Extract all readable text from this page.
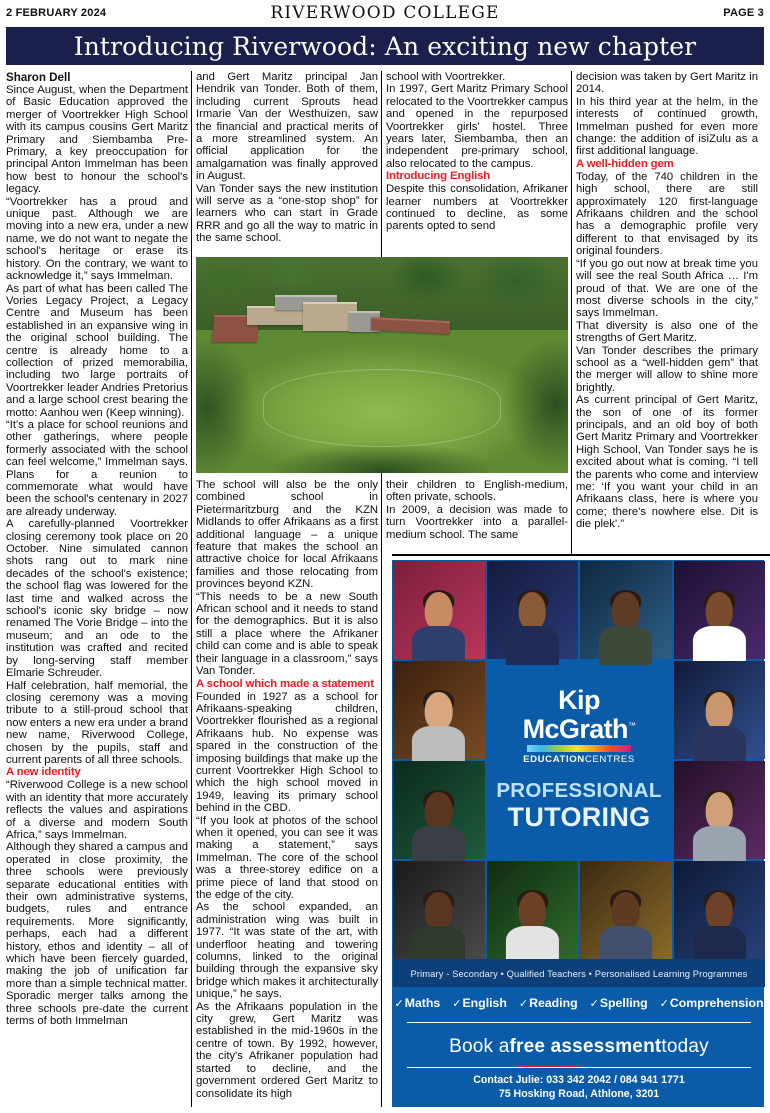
2 FEBRUARY 2024	RIVERWOOD COLLEGE	PAGE 3
Introducing Riverwood: An exciting new chapter

Sharon Dell

Since August, when the Department of Basic Education approved the merger of Voortrekker High School with its campus cousins Gert Maritz Primary and Siembamba Pre-Primary, a key preoccupation for principal Anton Immelman has been how best to honour the school's legacy.

“Voortrekker has a proud and unique past. Although we are moving into a new era, under a new name, we do not want to negate the school's heritage or erase its history. On the contrary, we want to acknowledge it,” says Immelman.

As part of what has been called The Vories Legacy Project, a Legacy Centre and Museum has been established in an expansive wing in the original school building. The centre is already home to a collection of prized memorabilia, including two large portraits of Voortrekker leader Andries Pretorius and a large school crest bearing the motto: Aanhou wen (Keep winning).

“It's a place for school reunions and other gatherings, where people formerly associated with the school can feel welcome,” Immelman says. Plans for a reunion to commemorate what would have been the school's centenary in 2027 are already underway.

A carefully-planned Voortrekker closing ceremony took place on 20 October. Nine simulated cannon shots rang out to mark nine decades of the school's existence; the school flag was lowered for the last time and walked across the school's iconic sky bridge – now renamed The Vorie Bridge – into the museum; and an ode to the institution was crafted and recited by long-serving staff member Elmarie Schreuder.

Half celebration, half memorial, the closing ceremony was a moving tribute to a still-proud school that now enters a new era under a brand new name, Riverwood College, chosen by the pupils, staff and current parents of all three schools.

A new identity

“Riverwood College is a new school with an identity that more accurately reflects the values and aspirations of a diverse and modern South Africa,” says Immelman.

Although they shared a campus and operated in close proximity, the three schools were previously separate educational entities with their own administrative systems, budgets, rules and entrance requirements. More significantly, perhaps, each had a different history, ethos and identity – all of which have been fiercely guarded, making the job of unification far more than a simple technical matter.

Sporadic merger talks among the three schools pre-date the current terms of both Immelman

and Gert Maritz principal Jan Hendrik van Tonder. Both of them, including current Sprouts head Irmarie Van der Westhuizen, saw the financial and practical merits of a more streamlined system. An official application for the amalgamation was finally approved in August.

Van Tonder says the new institution will serve as a “one-stop shop” for learners who can start in Grade RRR and go all the way to matric in the same school.

school with Voortrekker.

In 1997, Gert Maritz Primary School relocated to the Voortrekker campus and opened in the repurposed Voortrekker girls' hostel. Three years later, Siembamba, then an independent pre-primary school, also relocated to the campus.

Introducing English

Despite this consolidation, Afrikaner learner numbers at Voortrekker continued to decline, as some parents opted to send

The school will also be the only combined school in Pietermaritzburg and the KZN Midlands to offer Afrikaans as a first additional language – a unique feature that makes the school an attractive choice for local Afrikaans families and those relocating from provinces beyond KZN.

“This needs to be a new South African school and it needs to stand for the demographics. But it is also still a place where the Afrikaner child can come and is able to speak their language in a classroom,” says Van Tonder.

A school which made a statement

Founded in 1927 as a school for Afrikaans-speaking children, Voortrekker flourished as a regional Afrikaans hub. No expense was spared in the construction of the imposing buildings that make up the current Voortrekker High School to which the high school moved in 1949, leaving its primary school behind in the CBD.

“If you look at photos of the school when it opened, you can see it was making a statement,” says Immelman. The core of the school was a three-storey edifice on a prime piece of land that stood on the edge of the city.

As the school expanded, an administration wing was built in 1977. “It was state of the art, with underfloor heating and towering columns, linked to the original building through the expansive sky bridge which makes it architecturally unique,” he says.

As the Afrikaans population in the city grew, Gert Maritz was established in the mid-1960s in the centre of town. By 1992, however, the city's Afrikaner population had started to decline, and the government ordered Gert Maritz to consolidate its high

their children to English-medium, often private, schools.

In 2009, a decision was made to turn Voortrekker into a parallel-medium school. The same

decision was taken by Gert Maritz in 2014.

In his third year at the helm, in the interests of continued growth, Immelman pushed for even more change: the addition of isiZulu as a first additional language.

A well-hidden gem

Today, of the 740 children in the high school, there are still approximately 120 first-language Afrikaans children and the school has a demographic profile very different to that envisaged by its original founders.

“If you go out now at break time you will see the real South Africa … I'm proud of that. We are one of the most diverse schools in the city,” says Immelman.

That diversity is also one of the strengths of Gert Maritz.

Van Tonder describes the primary school as a “well-hidden gem” that the merger will allow to shine more brightly.

As current principal of Gert Maritz, the son of one of its former principals, and an old boy of both Gert Maritz Primary and Voortrekker High School, Van Tonder says he is excited about what is coming. “I tell the parents who come and interview me: ‘If you want your child in an Afrikaans class, here is where you come; there's nowhere else. Dit is die plek'.”

Kip
McGrath™
EDUCATIONCENTRES
PROFESSIONAL
TUTORING
Primary - Secondary • Qualified Teachers • Personalised Learning Programmes
✓Maths ✓English ✓Reading ✓Spelling ✓Comprehension
Book a free assessment today
Contact Julie: 033 342 2042 / 084 941 1771
75 Hosking Road, Athlone, 3201
